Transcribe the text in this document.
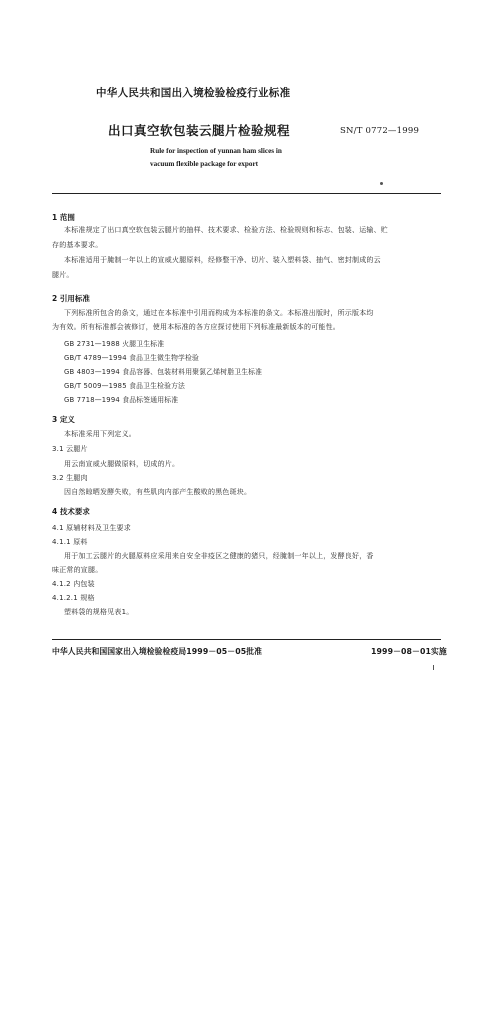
中华人民共和国出入境检验检疫行业标准
出口真空软包装云腿片检验规程	SN/T 0772—1999
Rule for inspection of yunnan ham slices in
vacuum flexible package for export
1 范围
本标准规定了出口真空软包装云腿片的抽样、技术要求、检验方法、检验规则和标志、包装、运输、贮
存的基本要求。
本标准适用于腌制一年以上的宣威火腿原料，经修整干净、切片、装入塑料袋、抽气、密封制成的云
腿片。
2 引用标准
下列标准所包含的条文，通过在本标准中引用而构成为本标准的条文。本标准出版时，所示版本均
为有效。所有标准都会被修订，使用本标准的各方应探讨使用下列标准最新版本的可能性。
GB 2731—1988 火腿卫生标准
GB/T 4789—1994 食品卫生微生物学检验
GB 4803—1994 食品容器、包装材料用聚氯乙烯树脂卫生标准
GB/T 5009—1985 食品卫生检验方法
GB 7718—1994 食品标签通用标准
3 定义
本标准采用下列定义。
3.1 云腿片
用云南宣威火腿做原料，切成的片。
3.2 生腿肉
因自然晾晒发酵失败，有些肌肉内部产生酸败的黑色斑块。
4 技术要求
4.1 原辅材料及卫生要求
4.1.1 原料
用于加工云腿片的火腿原料应采用来自安全非疫区之健康的猪只，经腌制一年以上，发酵良好，香
味正常的宣腿。
4.1.2 内包装
4.1.2.1 规格
塑料袋的规格见表1。
中华人民共和国国家出入境检验检疫局1999－05－05批准	1999－08－01实施
